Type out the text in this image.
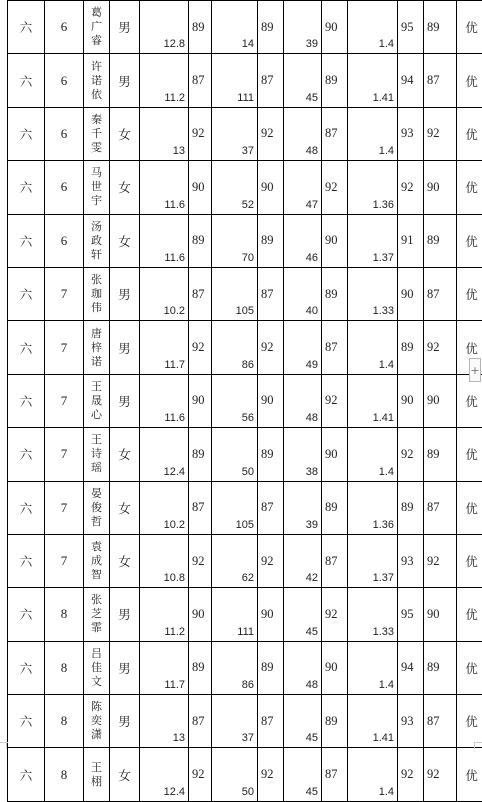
六	6	葛广睿	男	12.8	89	14	89	39	90	1.4	95	89	优
六	6	许诺依	男	11.2	87	111	87	45	89	1.41	94	87	优
六	6	秦千雯	女	13	92	37	92	48	87	1.4	93	92	优
六	6	马世宇	女	11.6	90	52	90	47	92	1.36	92	90	优
六	6	汤政轩	女	11.6	89	70	89	46	90	1.37	91	89	优
六	7	张珈伟	男	10.2	87	105	87	40	89	1.33	90	87	优
六	7	唐梓诺	男	11.7	92	86	92	49	87	1.4	89	92	优
六	7	王晟心	男	11.6	90	56	90	48	92	1.41	90	90	优
六	7	王诗瑶	女	12.4	89	50	89	38	90	1.4	92	89	优
六	7	晏俊哲	女	10.2	87	105	87	39	89	1.36	89	87	优
六	7	袁成智	女	10.8	92	62	92	42	87	1.37	93	92	优
六	8	张芝霏	男	11.2	90	111	90	45	92	1.33	95	90	优
六	8	吕佳文	男	11.7	89	86	89	48	90	1.4	94	89	优
六	8	陈奕潇	男	13	87	37	87	45	89	1.41	93	87	优
六	8	王栩	女	12.4	92	50	92	45	87	1.4	92	92	优
+
